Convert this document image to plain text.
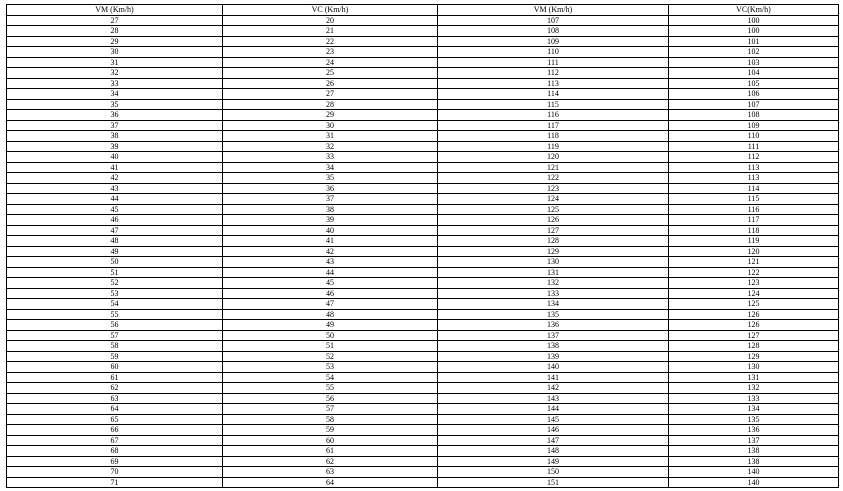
VM (Km/h)	VC (Km/h)	VM (Km/h)	VC(Km/h)
27	20	107	100
28	21	108	100
29	22	109	101
30	23	110	102
31	24	111	103
32	25	112	104
33	26	113	105
34	27	114	106
35	28	115	107
36	29	116	108
37	30	117	109
38	31	118	110
39	32	119	111
40	33	120	112
41	34	121	113
42	35	122	113
43	36	123	114
44	37	124	115
45	38	125	116
46	39	126	117
47	40	127	118
48	41	128	119
49	42	129	120
50	43	130	121
51	44	131	122
52	45	132	123
53	46	133	124
54	47	134	125
55	48	135	126
56	49	136	126
57	50	137	127
58	51	138	128
59	52	139	129
60	53	140	130
61	54	141	131
62	55	142	132
63	56	143	133
64	57	144	134
65	58	145	135
66	59	146	136
67	60	147	137
68	61	148	138
69	62	149	138
70	63	150	140
71	64	151	140
